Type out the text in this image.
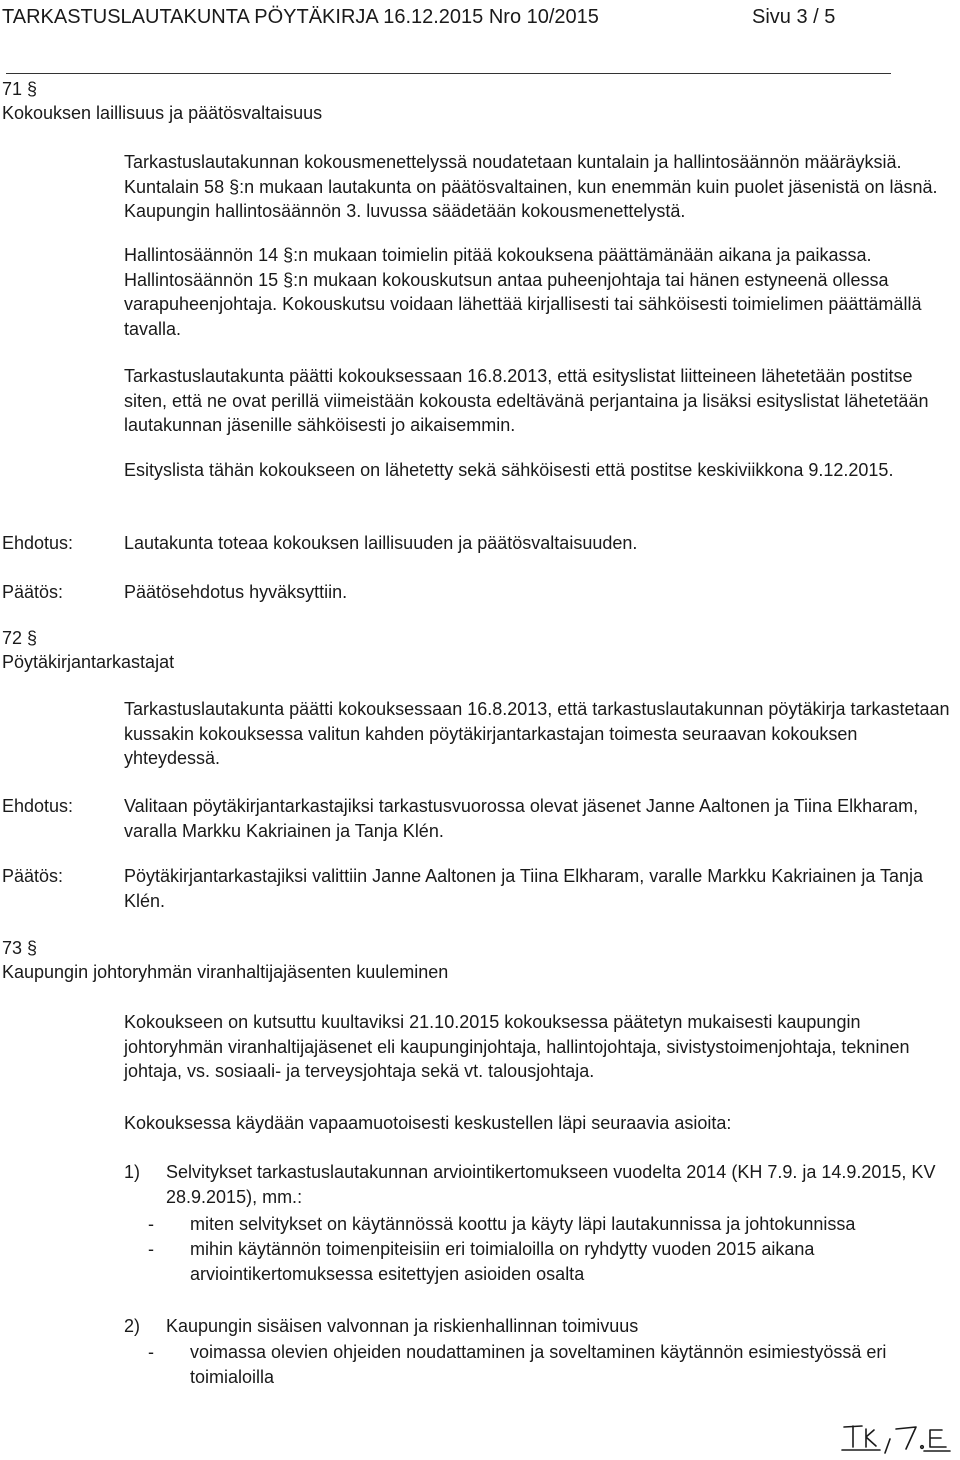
TARKASTUSLAUTAKUNTA PÖYTÄKIRJA 16.12.2015 Nro 10/2015	Sivu 3 / 5
71 §
Kokouksen laillisuus ja päätösvaltaisuus

Tarkastuslautakunnan kokousmenettelyssä noudatetaan kuntalain ja hallintosäännön määräyksiä. Kuntalain 58 §:n mukaan lautakunta on päätösvaltainen, kun enemmän kuin puolet jäsenistä on läsnä. Kaupungin hallintosäännön 3. luvussa säädetään kokousmenettelystä.

Hallintosäännön 14 §:n mukaan toimielin pitää kokouksena päättämänään aikana ja paikassa. Hallintosäännön 15 §:n mukaan kokouskutsun antaa puheenjohtaja tai hänen estyneenä ollessa varapuheenjohtaja. Kokouskutsu voidaan lähettää kirjallisesti tai sähköisesti toimielimen päättämällä tavalla.

Tarkastuslautakunta päätti kokouksessaan 16.8.2013, että esityslistat liitteineen lähetetään postitse siten, että ne ovat perillä viimeistään kokousta edeltävänä perjantaina ja lisäksi esityslistat lähetetään lautakunnan jäsenille sähköisesti jo aikaisemmin.

Esityslista tähän kokoukseen on lähetetty sekä sähköisesti että postitse keskiviikkona 9.12.2015.

Ehdotus:	Lautakunta toteaa kokouksen laillisuuden ja päätösvaltaisuuden.

Päätös:	Päätösehdotus hyväksyttiin.

72 §
Pöytäkirjantarkastajat

Tarkastuslautakunta päätti kokouksessaan 16.8.2013, että tarkastuslautakunnan pöytäkirja tarkastetaan kussakin kokouksessa valitun kahden pöytäkirjantarkastajan toimesta seuraavan kokouksen yhteydessä.

Ehdotus:	Valitaan pöytäkirjantarkastajiksi tarkastusvuorossa olevat jäsenet Janne Aaltonen ja Tiina Elkharam, varalla Markku Kakriainen ja Tanja Klén.

Päätös:	Pöytäkirjantarkastajiksi valittiin Janne Aaltonen ja Tiina Elkharam, varalle Markku Kakriainen ja Tanja Klén.

73 §
Kaupungin johtoryhmän viranhaltijajäsenten kuuleminen

Kokoukseen on kutsuttu kuultaviksi 21.10.2015 kokouksessa päätetyn mukaisesti kaupungin johtoryhmän viranhaltijajäsenet eli kaupunginjohtaja, hallintojohtaja, sivistystoimenjohtaja, tekninen johtaja, vs. sosiaali- ja terveysjohtaja sekä vt. talousjohtaja.

Kokouksessa käydään vapaamuotoisesti keskustellen läpi seuraavia asioita:

1) Selvitykset tarkastuslautakunnan arviointikertomukseen vuodelta 2014 (KH 7.9. ja 14.9.2015, KV 28.9.2015), mm.:

- miten selvitykset on käytännössä koottu ja käyty läpi lautakunnissa ja johtokunnissa

- mihin käytännön toimenpiteisiin eri toimialoilla on ryhdytty vuoden 2015 aikana arviointikertomuksessa esitettyjen asioiden osalta

2) Kaupungin sisäisen valvonnan ja riskienhallinnan toimivuus

- voimassa olevien ohjeiden noudattaminen ja soveltaminen käytännön esimiestyössä eri toimialoilla
